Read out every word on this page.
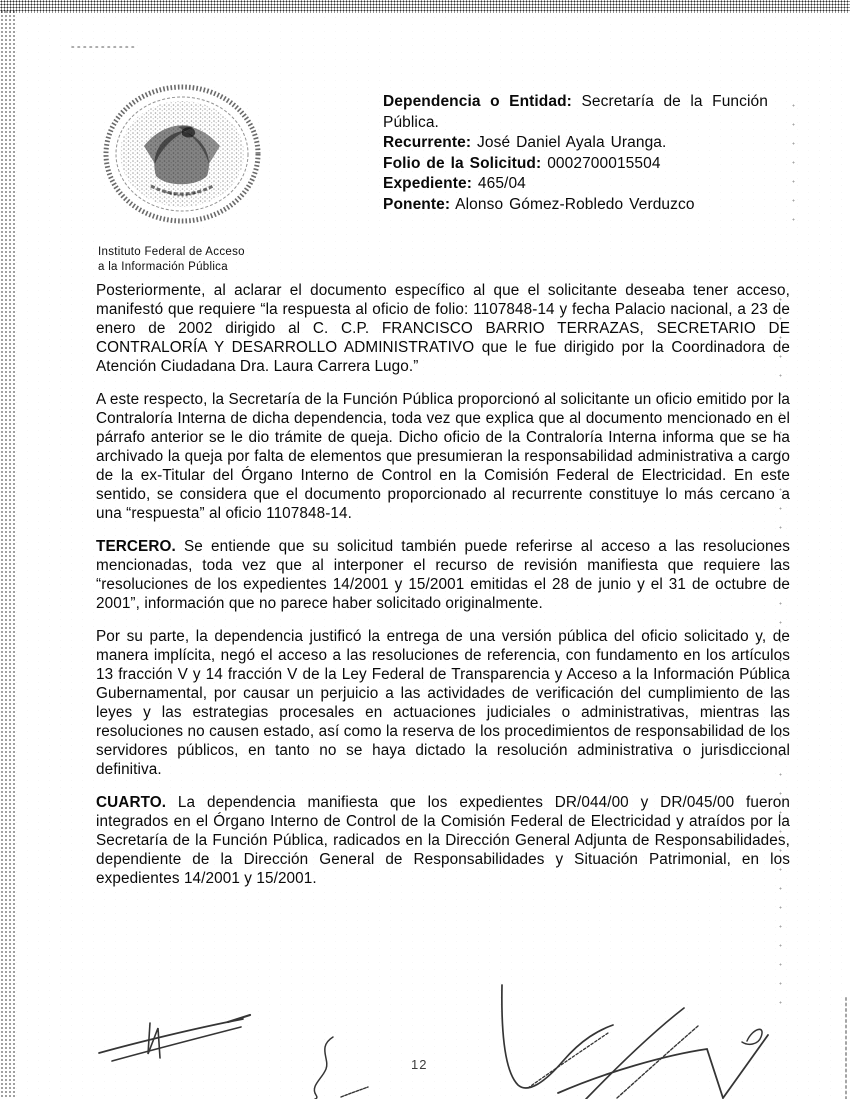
Instituto Federal de Acceso
a la Información Pública

Dependencia o Entidad: Secretaría de la Función Pública.

Recurrente: José Daniel Ayala Uranga.

Folio de la Solicitud: 0002700015504

Expediente: 465/04

Ponente: Alonso Gómez-Robledo Verduzco

Posteriormente, al aclarar el documento específico al que el solicitante deseaba tener acceso, manifestó que requiere “la respuesta al oficio de folio: 1107848-14 y fecha Palacio nacional, a 23 de enero de 2002 dirigido al C. C.P. FRANCISCO BARRIO TERRAZAS, SECRETARIO DE CONTRALORÍA Y DESARROLLO ADMINISTRATIVO que le fue dirigido por la Coordinadora de Atención Ciudadana Dra. Laura Carrera Lugo.”

A este respecto, la Secretaría de la Función Pública proporcionó al solicitante un oficio emitido por la Contraloría Interna de dicha dependencia, toda vez que explica que al documento mencionado en el párrafo anterior se le dio trámite de queja. Dicho oficio de la Contraloría Interna informa que se ha archivado la queja por falta de elementos que presumieran la responsabilidad administrativa a cargo de la ex-Titular del Órgano Interno de Control en la Comisión Federal de Electricidad. En este sentido, se considera que el documento proporcionado al recurrente constituye lo más cercano a una “respuesta” al oficio 1107848-14.

TERCERO. Se entiende que su solicitud también puede referirse al acceso a las resoluciones mencionadas, toda vez que al interponer el recurso de revisión manifiesta que requiere las “resoluciones de los expedientes 14/2001 y 15/2001 emitidas el 28 de junio y el 31 de octubre de 2001”, información que no parece haber solicitado originalmente.

Por su parte, la dependencia justificó la entrega de una versión pública del oficio solicitado y, de manera implícita, negó el acceso a las resoluciones de referencia, con fundamento en los artículos 13 fracción V y 14 fracción V de la Ley Federal de Transparencia y Acceso a la Información Pública Gubernamental, por causar un perjuicio a las actividades de verificación del cumplimiento de las leyes y las estrategias procesales en actuaciones judiciales o administrativas, mientras las resoluciones no causen estado, así como la reserva de los procedimientos de responsabilidad de los servidores públicos, en tanto no se haya dictado la resolución administrativa o jurisdiccional definitiva.

CUARTO. La dependencia manifiesta que los expedientes DR/044/00 y DR/045/00 fueron integrados en el Órgano Interno de Control de la Comisión Federal de Electricidad y atraídos por la Secretaría de la Función Pública, radicados en la Dirección General Adjunta de Responsabilidades, dependiente de la Dirección General de Responsabilidades y Situación Patrimonial, en los expedientes 14/2001 y 15/2001.

12
